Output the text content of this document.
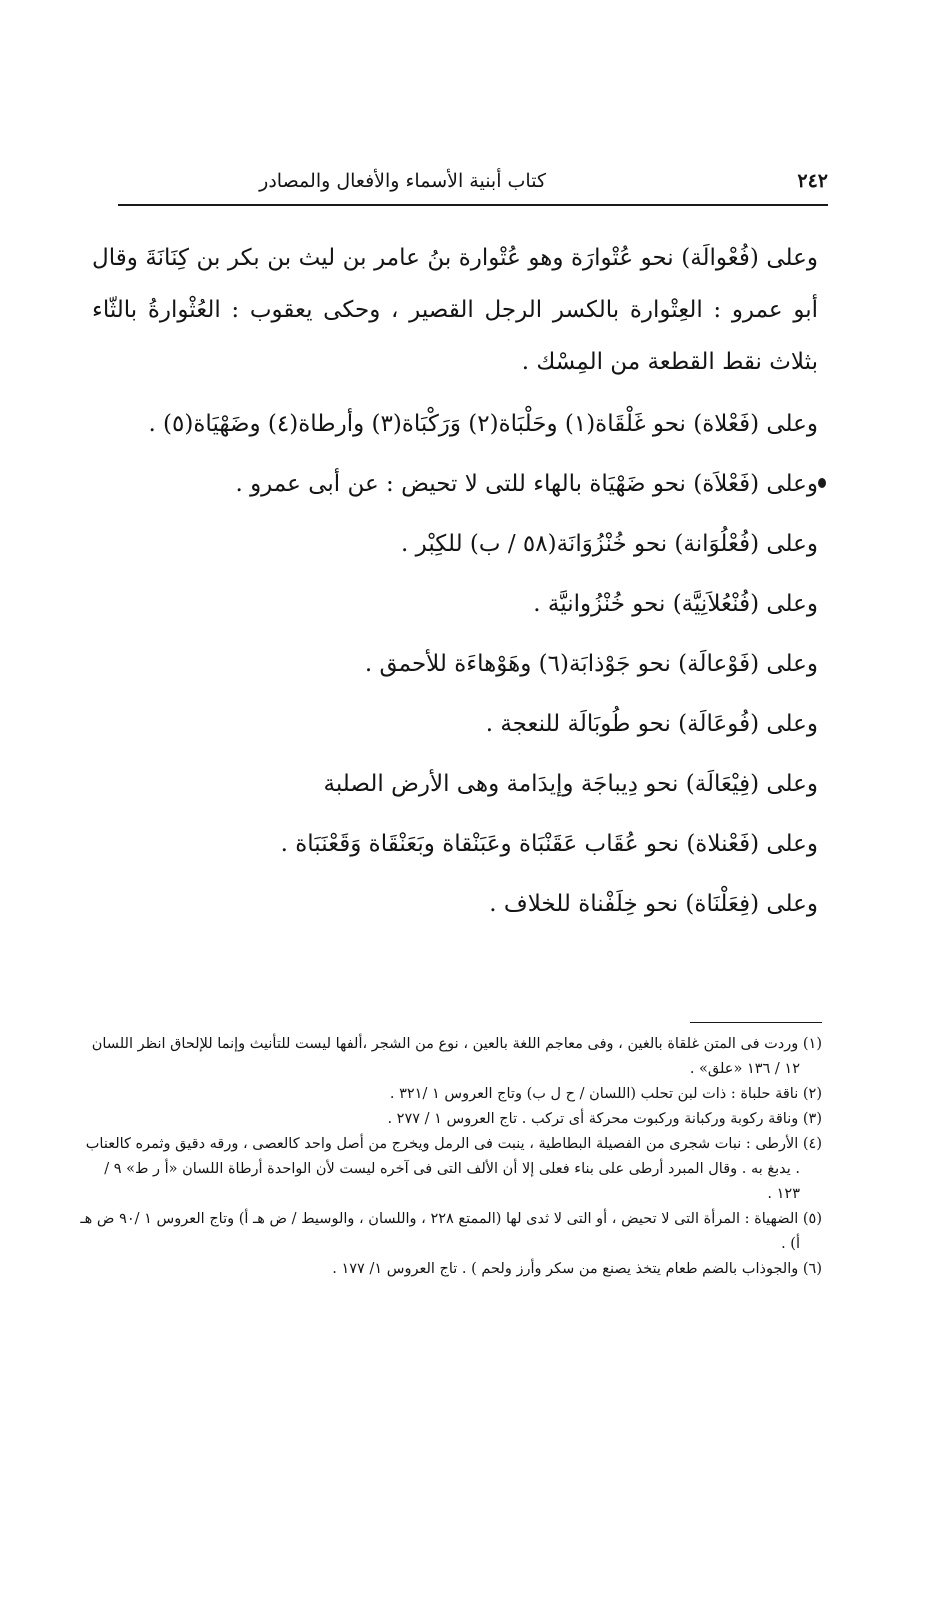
كتاب أبنية الأسماء والأفعال والمصادر	٢٤٢

وعلى (فُعْوالَة) نحو عُتْوارَة وهو عُتْوارة بنُ عامر بن ليث بن بكر بن كِنَانَةَ وقال أبو عمرو : العِتْوارة بالكسر الرجل القصير ، وحكى يعقوب : العُثْوارةُ بالثّاء بثلاث نقط القطعة من المِسْك .

وعلى (فَعْلاة) نحو غَلْقَاة(١) وحَلْبَاة(٢) وَرَكْبَاة(٣) وأرطاة(٤) وضَهْيَاة(٥) .
وعلى (فَعْلاَة) نحو ضَهْيَاة بالهاء للتى لا تحيض : عن أبى عمرو .
وعلى (فُعْلُوَانة) نحو خُنْزُوَانَة(٥٨ / ب) للكِبْر .
وعلى (فُنْعُلاَنِيَّة) نحو خُنْزُوانيَّة .
وعلى (فَوْعالَة) نحو جَوْذابَة(٦) وهَوْهاءَة للأحمق .
وعلى (فُوعَالَة) نحو طُوبَالَة للنعجة .
وعلى (فِيْعَالَة) نحو دِيباجَة وإيدَامة وهى الأرض الصلبة
وعلى (فَعْنلاة) نحو عُقَاب عَقَنْبَاة وعَبَنْقاة وبَعَنْقَاة وَقَعْنَبَاة .
وعلى (فِعَلْنَاة) نحو خِلَفْناة للخلاف .

(١) وردت فى المتن غلقاة بالغين ، وفى معاجم اللغة بالعين ، نوع من الشجر ،ألفها ليست للتأنيث وإنما للإلحاق انظر اللسان ١٢ / ١٣٦ «علق» .

(٢) ناقة حلباة : ذات لبن تحلب (اللسان / ح ل ب) وتاج العروس ١ /٣٢١ .

(٣) وناقة ركوبة وركبانة وركبوت محركة أى تركب . تاج العروس ١ / ٢٧٧ .

(٤) الأرطى : نبات شجرى من الفصيلة البطاطية ، ينبت فى الرمل ويخرج من أصل واحد كالعصى ، ورقه دقيق وثمره كالعناب . يدبغ به . وقال المبرد أرطى على بناء فعلى إلا أن الألف التى فى آخره ليست لأن الواحدة أرطاة اللسان «أ ر ط» ٩ / ١٢٣ .

(٥) الضهياة : المرأة التى لا تحيض ، أو التى لا ثدى لها (الممتع ٢٢٨ ، واللسان ، والوسيط / ض هـ أ) وتاج العروس ١ /٩٠ ض هـ أ) .

(٦) والجوذاب بالضم طعام يتخذ يصنع من سكر وأرز ولحم ) . تاج العروس ١/ ١٧٧ .
